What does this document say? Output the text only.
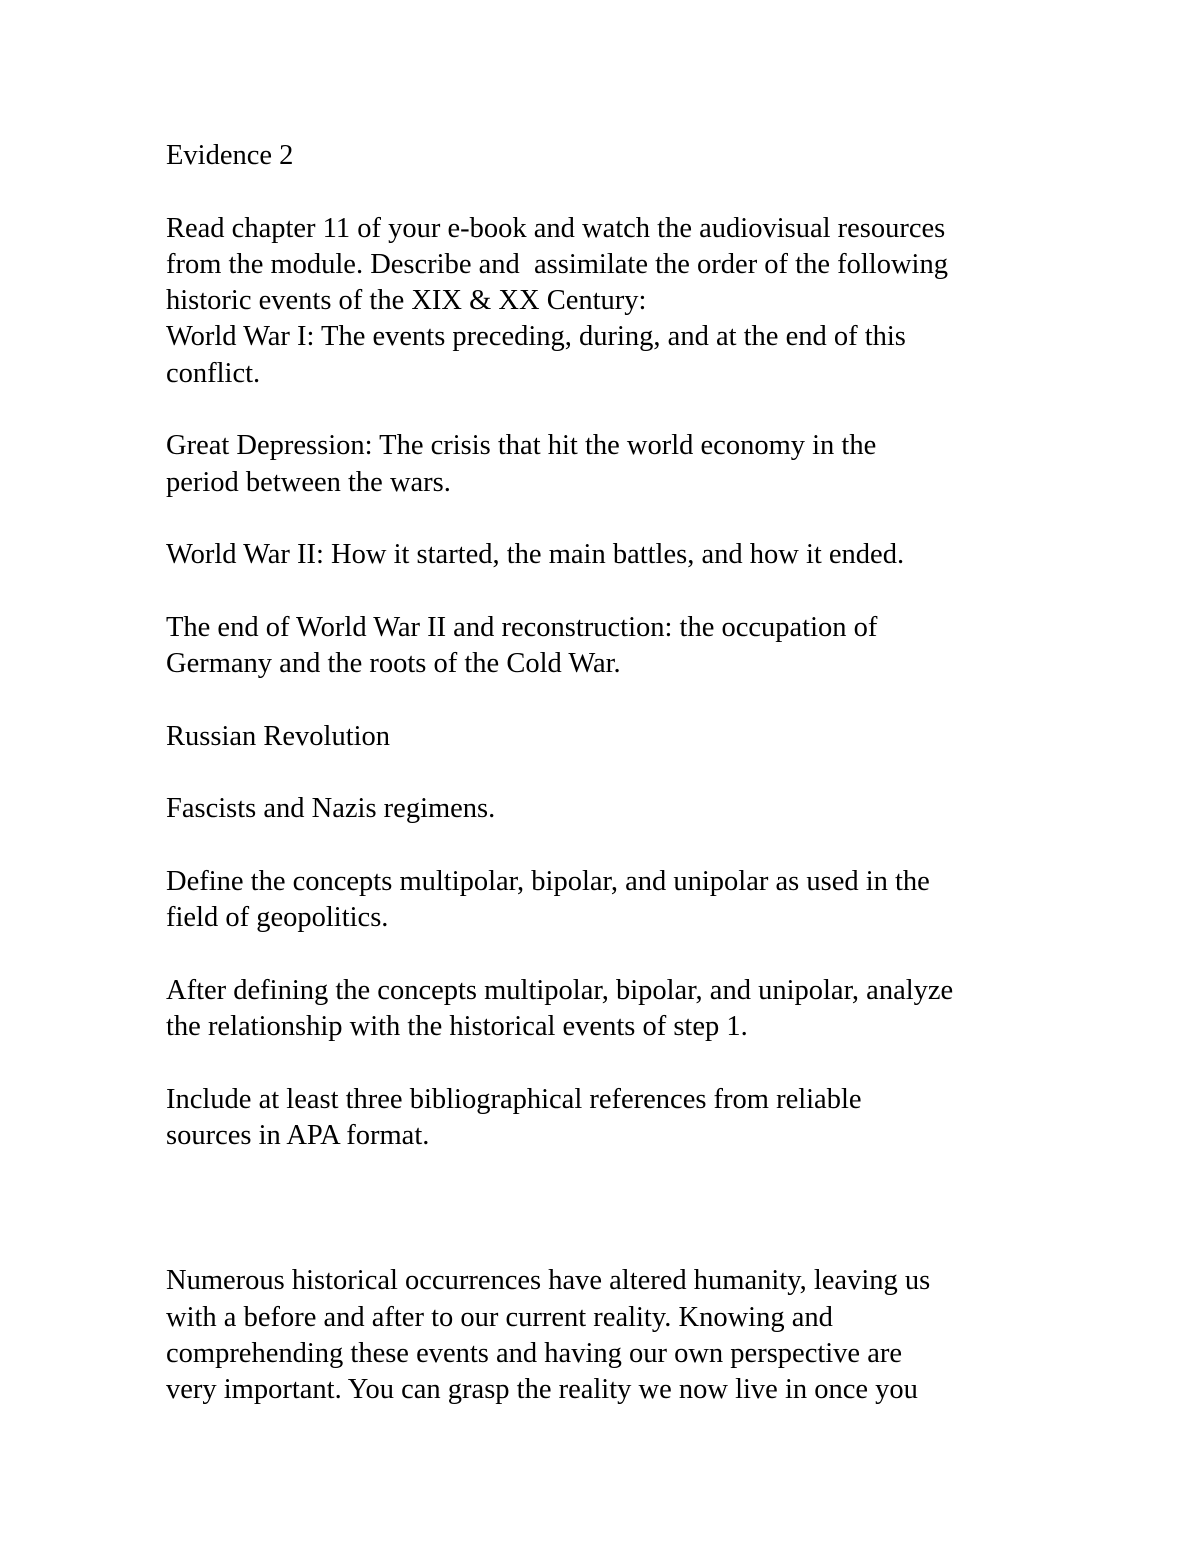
Evidence 2
Read chapter 11 of your e-book and watch the audiovisual resources
from the module. Describe and  assimilate the order of the following
historic events of the XIX & XX Century:
World War I: The events preceding, during, and at the end of this
conflict.
Great Depression: The crisis that hit the world economy in the
period between the wars.
World War II: How it started, the main battles, and how it ended.
The end of World War II and reconstruction: the occupation of
Germany and the roots of the Cold War.
Russian Revolution
Fascists and Nazis regimens.
Define the concepts multipolar, bipolar, and unipolar as used in the
field of geopolitics.
After defining the concepts multipolar, bipolar, and unipolar, analyze
the relationship with the historical events of step 1.
Include at least three bibliographical references from reliable
sources in APA format.
Numerous historical occurrences have altered humanity, leaving us
with a before and after to our current reality. Knowing and
comprehending these events and having our own perspective are
very important. You can grasp the reality we now live in once you
